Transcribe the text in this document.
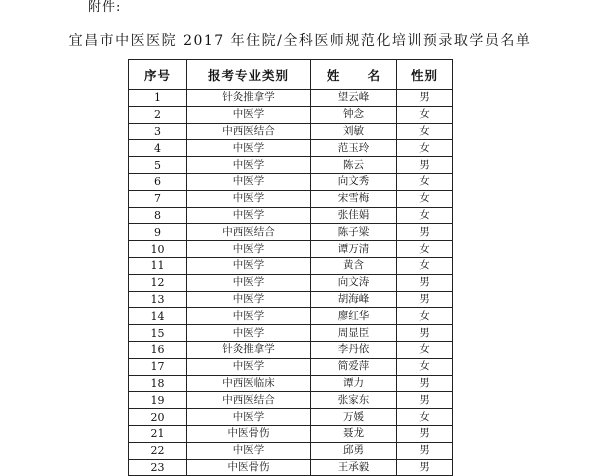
附件:
宜昌市中医医院 2017 年住院/全科医师规范化培训预录取学员名单
序号	报考专业类别	姓 名	性别
1	针灸推拿学	望云峰	男
2	中医学	钟念	女
3	中西医结合	刘敏	女
4	中医学	范玉玲	女
5	中医学	陈云	男
6	中医学	向文秀	女
7	中医学	宋雪梅	女
8	中医学	张佳娟	女
9	中西医结合	陈子梁	男
10	中医学	谭万清	女
11	中医学	黄含	女
12	中医学	向文涛	男
13	中医学	胡海峰	男
14	中医学	廖红华	女
15	中医学	周显臣	男
16	针灸推拿学	李丹依	女
17	中医学	简爱萍	女
18	中西医临床	谭力	男
19	中西医结合	张家东	男
20	中医学	万媛	女
21	中医骨伤	聂龙	男
22	中医学	邱勇	男
23	中医骨伤	王承毅	男
